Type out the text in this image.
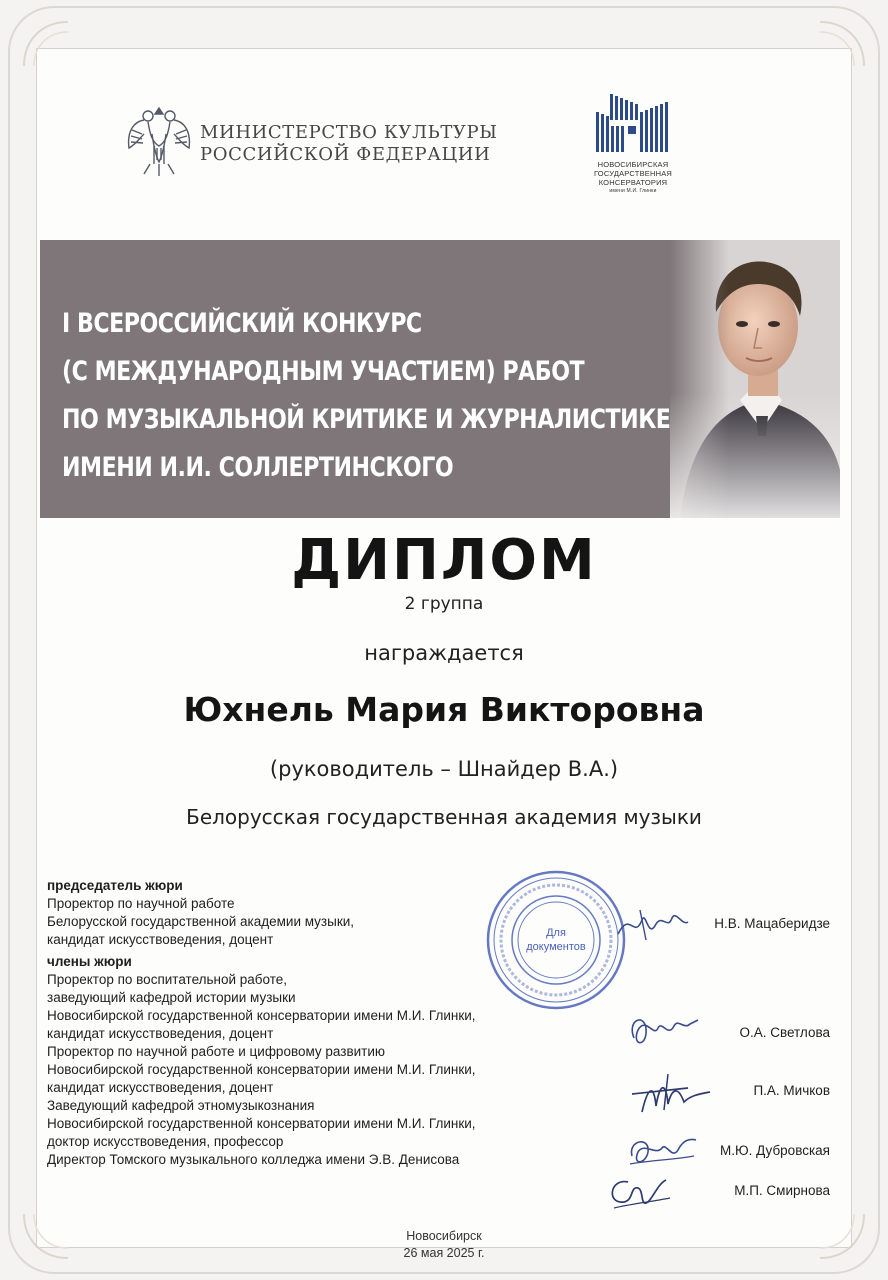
МИНИСТЕРСТВО КУЛЬТУРЫ
РОССИЙСКОЙ ФЕДЕРАЦИИ	НОВОСИБИРСКАЯ
ГОСУДАРСТВЕННАЯ
КОНСЕРВАТОРИЯ
имени М.И. Глинки
I ВСЕРОССИЙСКИЙ КОНКУРС
(С МЕЖДУНАРОДНЫМ УЧАСТИЕМ) РАБОТ
ПО МУЗЫКАЛЬНОЙ КРИТИКЕ И ЖУРНАЛИСТИКЕ
ИМЕНИ И.И. СОЛЛЕРТИНСКОГО
ДИПЛОМ
2 группа
награждается
Юхнель Мария Викторовна
(руководитель – Шнайдер В.А.)
Белорусская государственная академия музыки
председатель жюри
Проректор по научной работе
Белорусской государственной академии музыки,
кандидат искусствоведения, доцент
члены жюри
Проректор по воспитательной работе,
заведующий кафедрой истории музыки
Новосибирской государственной консерватории имени М.И. Глинки,
кандидат искусствоведения, доцент
Проректор по научной работе и цифровому развитию
Новосибирской государственной консерватории имени М.И. Глинки,
кандидат искусствоведения, доцент
Заведующий кафедрой этномузыкознания
Новосибирской государственной консерватории имени М.И. Глинки,
доктор искусствоведения, профессор
Директор Томского музыкального колледжа имени Э.В. Денисова
Для
документов
Н.В. Мацаберидзе
О.А. Светлова
П.А. Мичков
М.Ю. Дубровская
М.П. Смирнова
Новосибирск
26 мая 2025 г.
